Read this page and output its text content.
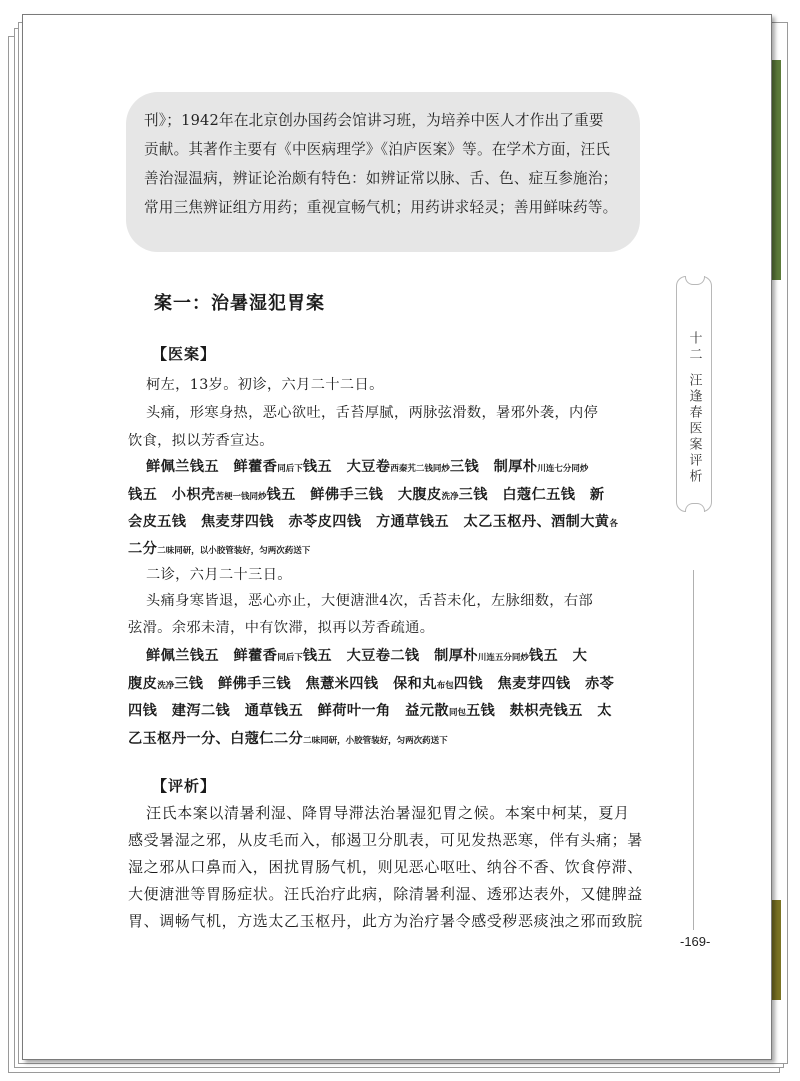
刊》；1942年在北京创办国药会馆讲习班，为培养中医人才作出了重要
贡献。其著作主要有《中医病理学》《泊庐医案》等。在学术方面，汪氏
善治湿温病，辨证论治颇有特色：如辨证常以脉、舌、色、症互参施治；
常用三焦辨证组方用药；重视宣畅气机；用药讲求轻灵；善用鲜味药等。
案一：治暑湿犯胃案
十二
汪逢春医案评析
【医案】
柯左，13岁。初诊，六月二十二日。
头痛，形寒身热，恶心欲吐，舌苔厚腻，两脉弦滑数，暑邪外袭，内停
饮食，拟以芳香宣达。
鲜佩兰钱五　鲜藿香同后下钱五　大豆卷西秦艽二钱同炒三钱　制厚朴川连七分同炒
钱五　小枳壳苦梗一钱同炒钱五　鲜佛手三钱　大腹皮洗净三钱　白蔻仁五钱　新
会皮五钱　焦麦芽四钱　赤苓皮四钱　方通草钱五　太乙玉枢丹、酒制大黄各
二分二味同研，以小胶管装好，匀两次药送下
二诊，六月二十三日。
头痛身寒皆退，恶心亦止，大便溏泄4次，舌苔未化，左脉细数，右部
弦滑。余邪未清，中有饮滞，拟再以芳香疏通。
鲜佩兰钱五　鲜藿香同后下钱五　大豆卷二钱　制厚朴川连五分同炒钱五　大
腹皮洗净三钱　鲜佛手三钱　焦薏米四钱　保和丸布包四钱　焦麦芽四钱　赤苓
四钱　建泻二钱　通草钱五　鲜荷叶一角　益元散同包五钱　麸枳壳钱五　太
乙玉枢丹一分、白蔻仁二分二味同研，小胶管装好，匀两次药送下
【评析】
汪氏本案以清暑利湿、降胃导滞法治暑湿犯胃之候。本案中柯某，夏月
感受暑湿之邪，从皮毛而入，郁遏卫分肌表，可见发热恶寒，伴有头痛；暑
湿之邪从口鼻而入，困扰胃肠气机，则见恶心呕吐、纳谷不香、饮食停滞、
大便溏泄等胃肠症状。汪氏治疗此病，除清暑利湿、透邪达表外，又健脾益
胃、调畅气机，方选太乙玉枢丹，此方为治疗暑令感受秽恶痰浊之邪而致脘
-169-
